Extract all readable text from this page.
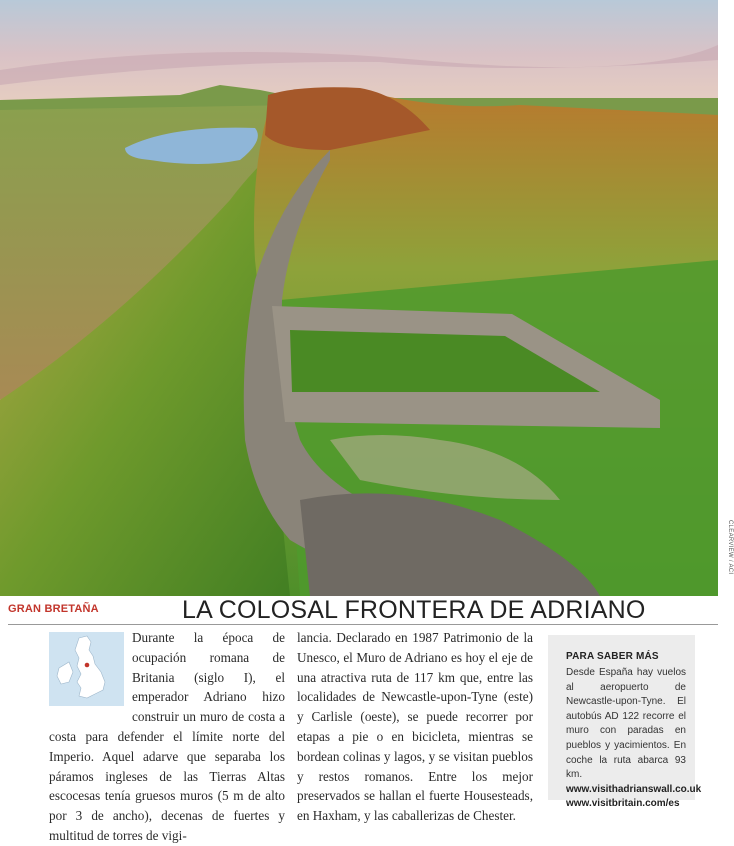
CLEARVIEW / ACI
GRAN BRETAÑA	LA COLOSAL FRONTERA DE ADRIANO
Durante la época de ocupación romana de Britania (siglo I), el emperador Adriano hizo construir un muro de costa a costa para defender el límite norte del Imperio. Aquel adarve que separaba los páramos ingleses de las Tierras Altas escocesas tenía gruesos muros (5 m de alto por 3 de ancho), decenas de fuertes y multitud de torres de vigi-
lancia. Declarado en 1987 Patrimonio de la Unesco, el Muro de Adriano es hoy el eje de una atractiva ruta de 117 km que, entre las localidades de Newcastle-upon-Tyne (este) y Carlisle (oeste), se puede recorrer por etapas a pie o en bicicleta, mientras se bordean colinas y lagos, y se visitan pueblos y restos romanos. Entre los mejor preservados se hallan el fuerte Housesteads, en Haxham, y las caballerizas de Chester.
PARA SABER MÁS
Desde España hay vuelos al aeropuerto de Newcastle-upon-Tyne. El autobús AD 122 recorre el muro con paradas en pueblos y yacimientos. En coche la ruta abarca 93 km. www.visithadrianswall.co.uk www.visitbritain.com/es
